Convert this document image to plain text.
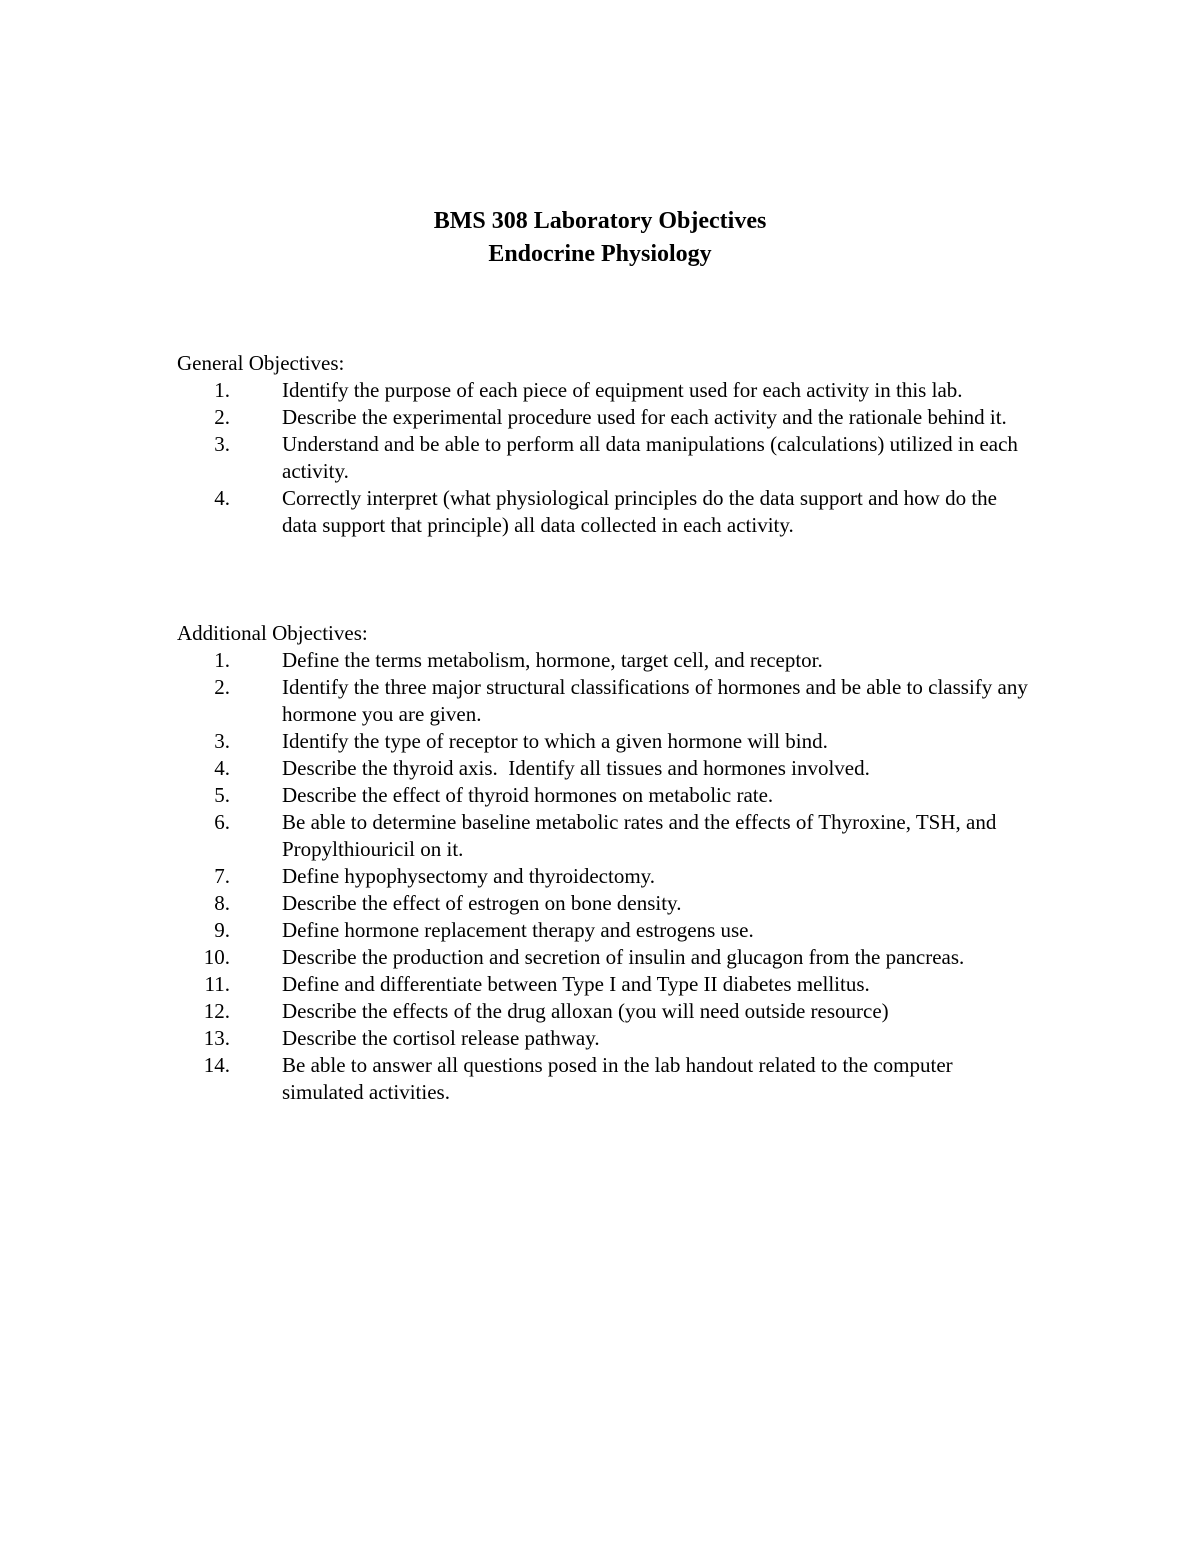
BMS 308 Laboratory Objectives
Endocrine Physiology
General Objectives:
1. Identify the purpose of each piece of equipment used for each activity in this lab.
2. Describe the experimental procedure used for each activity and the rationale behind it.
3. Understand and be able to perform all data manipulations (calculations) utilized in each activity.
4. Correctly interpret (what physiological principles do the data support and how do the data support that principle) all data collected in each activity.
Additional Objectives:
1. Define the terms metabolism, hormone, target cell, and receptor.
2. Identify the three major structural classifications of hormones and be able to classify any hormone you are given.
3. Identify the type of receptor to which a given hormone will bind.
4. Describe the thyroid axis.  Identify all tissues and hormones involved.
5. Describe the effect of thyroid hormones on metabolic rate.
6. Be able to determine baseline metabolic rates and the effects of Thyroxine, TSH, and Propylthiouricil on it.
7. Define hypophysectomy and thyroidectomy.
8. Describe the effect of estrogen on bone density.
9. Define hormone replacement therapy and estrogens use.
10. Describe the production and secretion of insulin and glucagon from the pancreas.
11. Define and differentiate between Type I and Type II diabetes mellitus.
12. Describe the effects of the drug alloxan (you will need outside resource)
13. Describe the cortisol release pathway.
14. Be able to answer all questions posed in the lab handout related to the computer simulated activities.
